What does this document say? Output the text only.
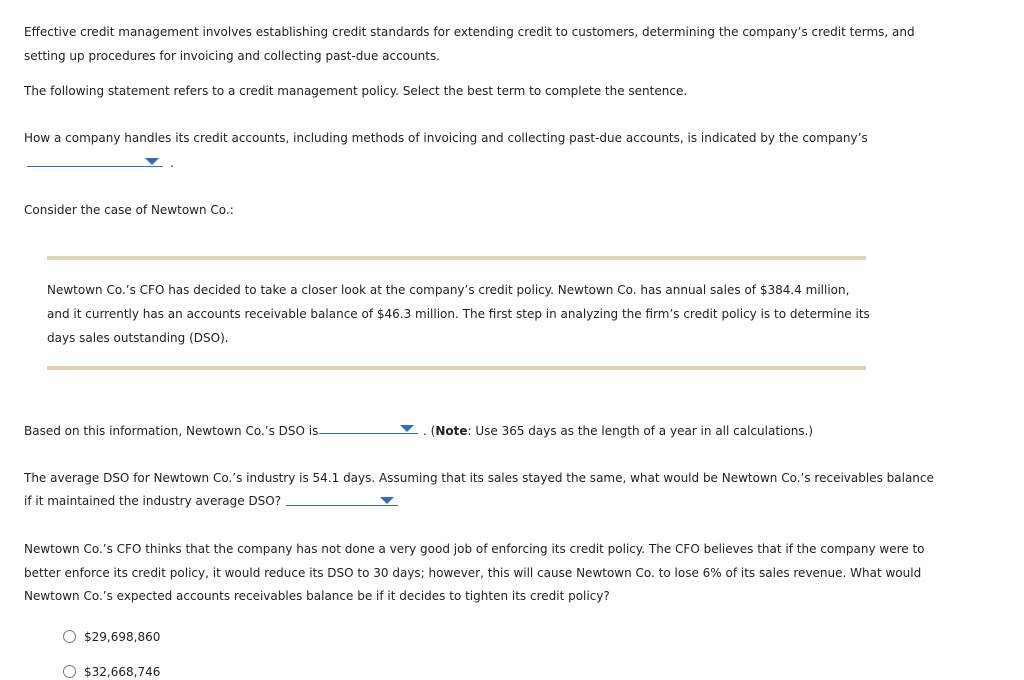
Effective credit management involves establishing credit standards for extending credit to customers, determining the company’s credit terms, and
setting up procedures for invoicing and collecting past-due accounts.
The following statement refers to a credit management policy. Select the best term to complete the sentence.
How a company handles its credit accounts, including methods of invoicing and collecting past-due accounts, is indicated by the company’s
.
Consider the case of Newtown Co.:
Newtown Co.’s CFO has decided to take a closer look at the company’s credit policy. Newtown Co. has annual sales of $384.4 million,
and it currently has an accounts receivable balance of $46.3 million. The first step in analyzing the firm’s credit policy is to determine its
days sales outstanding (DSO).
Based on this information, Newtown Co.’s DSO is	. (Note: Use 365 days as the length of a year in all calculations.)
The average DSO for Newtown Co.’s industry is 54.1 days. Assuming that its sales stayed the same, what would be Newtown Co.’s receivables balance
if it maintained the industry average DSO?
Newtown Co.’s CFO thinks that the company has not done a very good job of enforcing its credit policy. The CFO believes that if the company were to
better enforce its credit policy, it would reduce its DSO to 30 days; however, this will cause Newtown Co. to lose 6% of its sales revenue. What would
Newtown Co.’s expected accounts receivables balance be if it decides to tighten its credit policy?
$29,698,860
$32,668,746
